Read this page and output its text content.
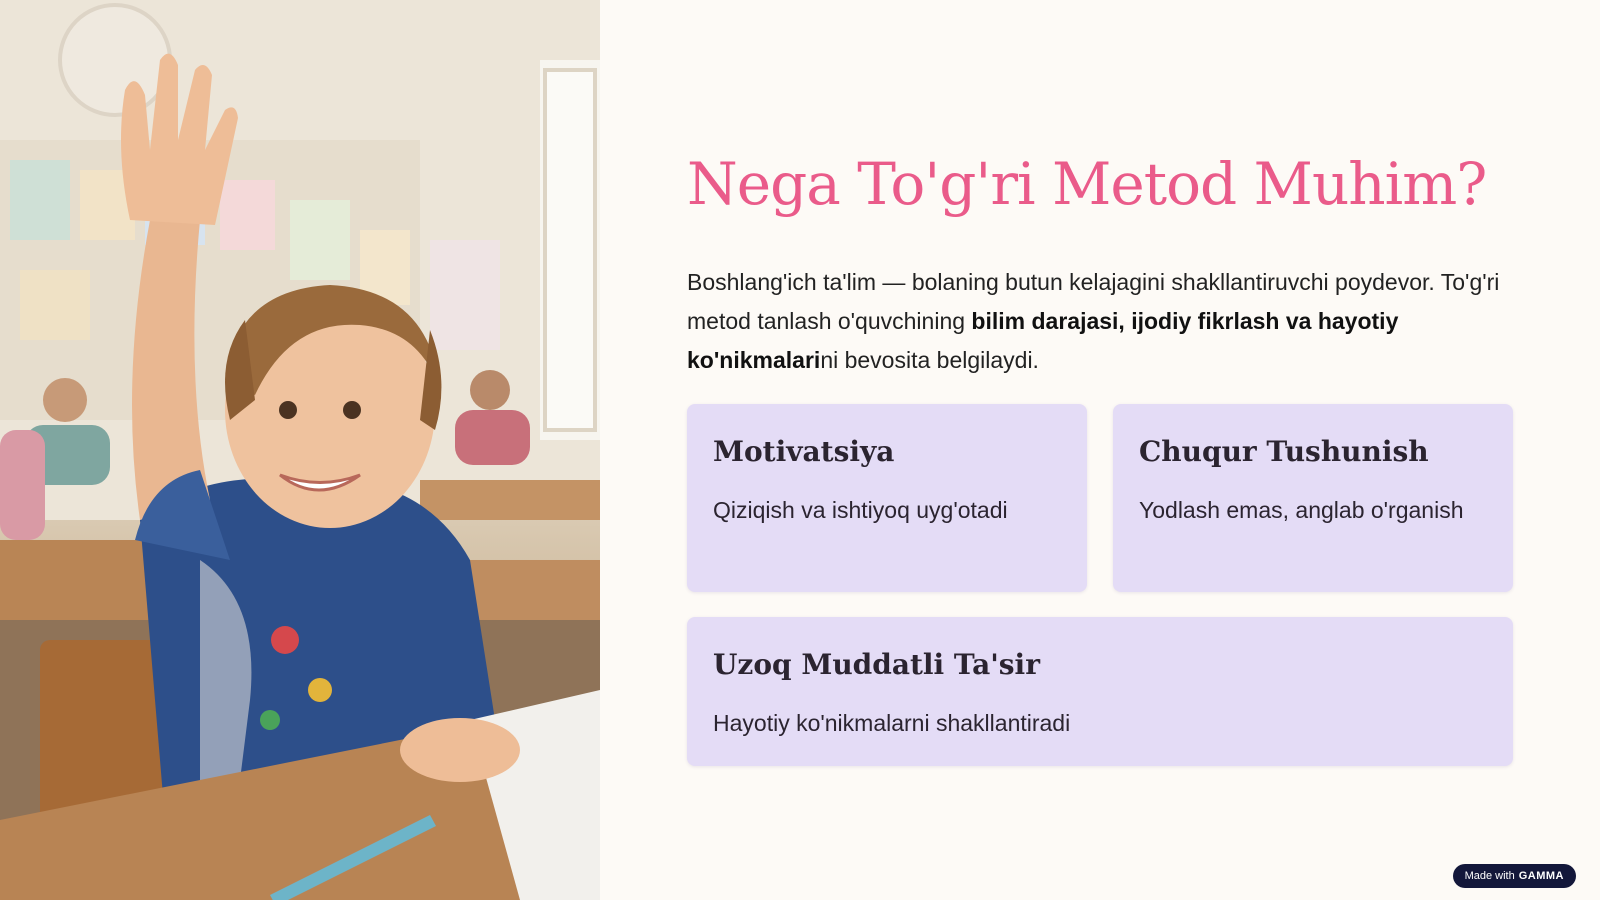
Nega To'g'ri Metod Muhim?

Boshlang'ich ta'lim — bolaning butun kelajagini shakllantiruvchi poydevor. To'g'ri metod tanlash o'quvchining bilim darajasi, ijodiy fikrlash va hayotiy ko'nikmalarini bevosita belgilaydi.

Motivatsiya
Qiziqish va ishtiyoq uyg'otadi
Chuqur Tushunish
Yodlash emas, anglab o'rganish
Uzoq Muddatli Ta'sir
Hayotiy ko'nikmalarni shakllantiradi
Made with GAMMA
